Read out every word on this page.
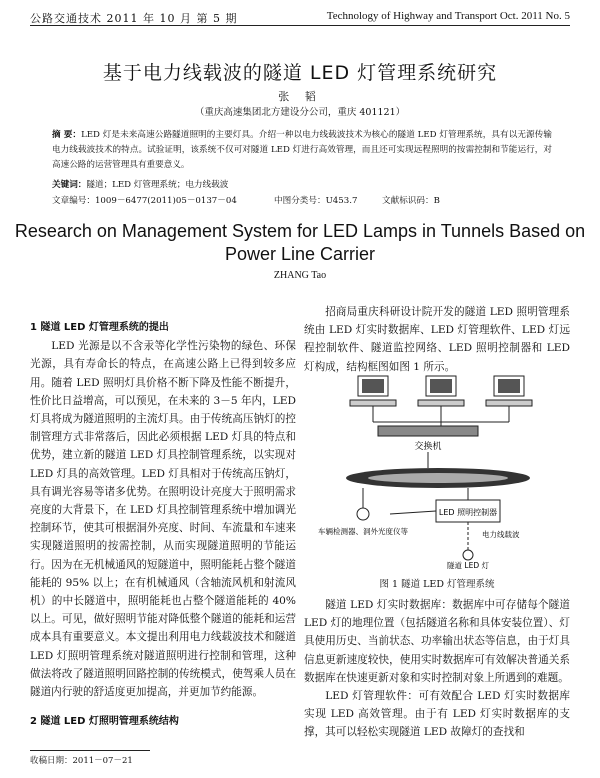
公路交通技术 2011 年 10 月 第 5 期	Technology of Highway and Transport Oct. 2011 No. 5
基于电力线载波的隧道 LED 灯管理系统研究
张 韬
（重庆高速集团北方建设分公司，重庆 401121）
摘 要：LED 灯是未来高速公路隧道照明的主要灯具。介绍一种以电力线载波技术为核心的隧道 LED 灯管理系统，具有以无源传输电力线载波技术的特点。试验证明，该系统不仅可对隧道 LED 灯进行高效管理，而且还可实现远程照明的按需控制和节能运行，对高速公路的运营管理具有重要意义。
关键词：隧道；LED 灯管理系统；电力线载波
文章编号：1009－6477(2011)05－0137－04	中图分类号：U453.7	文献标识码：B
Research on Management System for LED Lamps in Tunnels Based on Power Line Carrier
ZHANG Tao

1 隧道 LED 灯管理系统的提出

LED 光源是以不含汞等化学性污染物的绿色、环保光源，具有寿命长的特点，在高速公路上已得到较多应用。随着 LED 照明灯具价格不断下降及性能不断提升，性价比日益增高，可以预见，在未来的 3－5 年内，LED 灯具将成为隧道照明的主流灯具。由于传统高压钠灯的控制管理方式非常落后，因此必须根据 LED 灯具的特点和优势，建立新的隧道 LED 灯具控制管理系统，以实现对 LED 灯具的高效管理。LED 灯具相对于传统高压钠灯，具有调光容易等诸多优势。在照明设计亮度大于照明需求亮度的大背景下，在 LED 灯具控制管理系统中增加调光控制环节，使其可根据洞外亮度、时间、车流量和车速来实现隧道照明的按需控制，从而实现隧道照明的节能运行。因为在无机械通风的短隧道中，照明能耗占整个隧道能耗的 95% 以上；在有机械通风（含轴流风机和射流风机）的中长隧道中，照明能耗也占整个隧道能耗的 40% 以上。可见，做好照明节能对降低整个隧道的能耗和运营成本具有重要意义。本文提出利用电力线载波技术和隧道 LED 灯照明管理系统对隧道照明进行控制和管理，这种做法将改了隧道照明回路控制的传统模式，使驾乘人员在隧道内行驶的舒适度更加提高，并更加节约能源。

2 隧道 LED 灯照明管理系统结构

招商局重庆科研设计院开发的隧道 LED 照明管理系统由 LED 灯实时数据库、LED 灯管理软件、LED 灯远程控制软件、隧道监控网络、LED 照明控制器和 LED 灯构成，结构框图如图 1 所示。

交换机
LED 照明控制器
车辆检测器、洞外光度仪等	电力线载波
隧道 LED 灯
图 1 隧道 LED 灯管理系统

隧道 LED 灯实时数据库：数据库中可存储每个隧道 LED 灯的地理位置（包括隧道名称和具体安装位置）、灯具使用历史、当前状态、功率输出状态等信息，由于灯具信息更新速度较快，使用实时数据库可有效解决普通关系数据库在快速更新对象和实时控制对象上所遇到的难题。

LED 灯管理软件：可有效配合 LED 灯实时数据库实现 LED 高效管理。由于有 LED 灯实时数据库的支撑，其可以轻松实现隧道 LED 故障灯的查找和

收稿日期：2011－07－21
